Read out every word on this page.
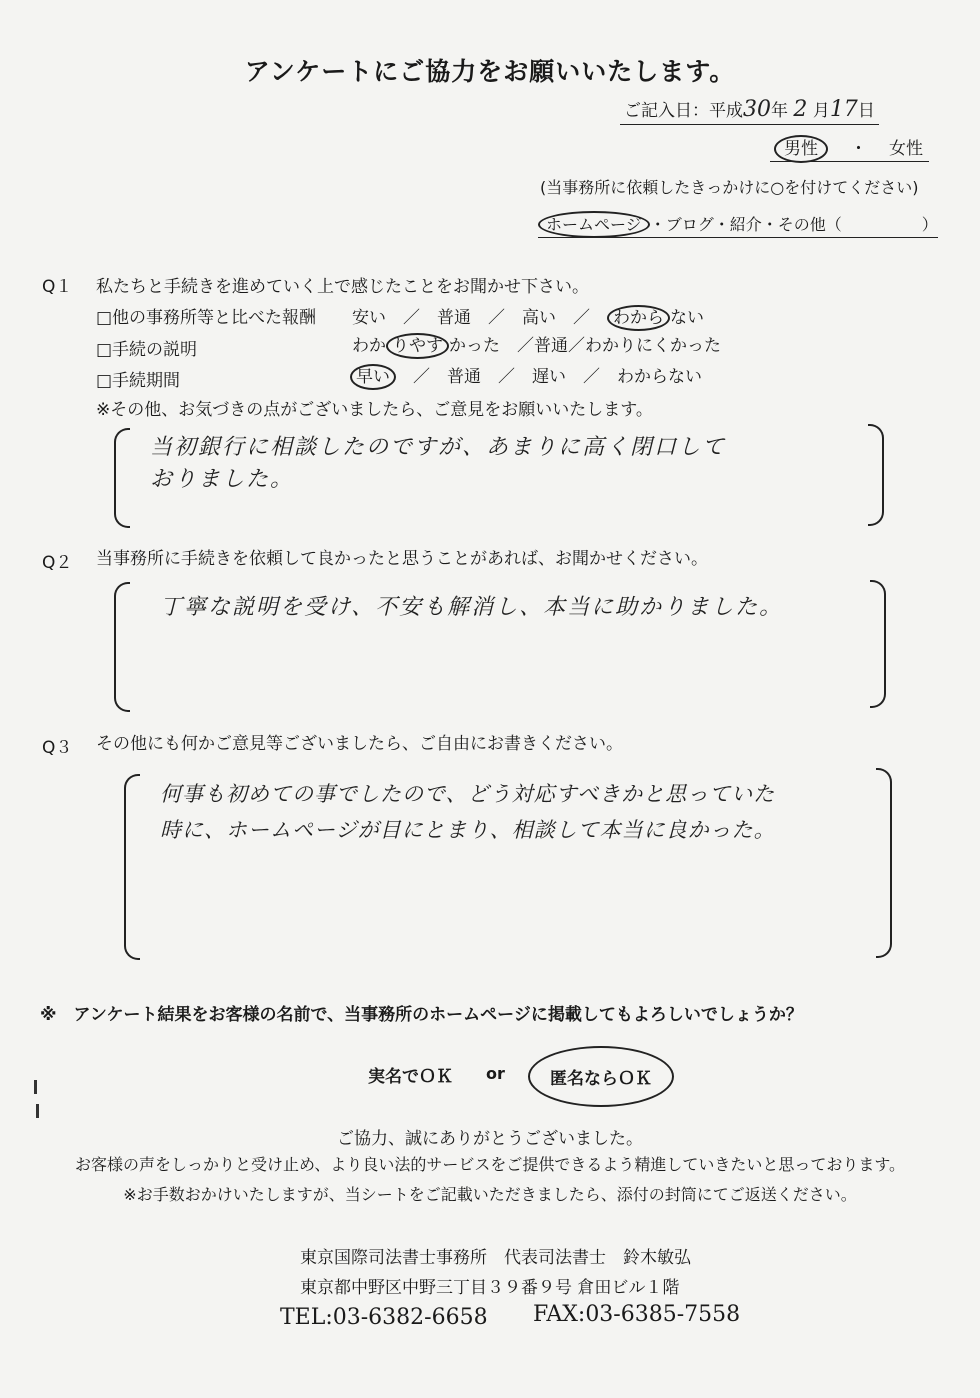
アンケートにご協力をお願いいたします。
ご記入日：平成30年 2 月17日
男性 ・ 女性
(当事務所に依頼したきっかけに○を付けてください)
ホームページ ・ブログ・紹介・その他（　　　　　）
Q１ 私たちと手続きを進めていく上で感じたことをお聞かせ下さい。
□他の事務所等と比べた報酬 安い　／　普通　／　高い　／　わから ない
□手続の説明	わか りやす かった　／普通／わかりにくかった
□手続期間	早い　／　普通　／　遅い　／　わからない
※その他、お気づきの点がございましたら、ご意見をお願いいたします。
当初銀行に相談したのですが、あまりに高く閉口して
おりました。
Q２ 当事務所に手続きを依頼して良かったと思うことがあれば、お聞かせください。
丁寧な説明を受け、不安も解消し、本当に助かりました。
Q３ その他にも何かご意見等ございましたら、ご自由にお書きください。
何事も初めての事でしたので、どう対応すべきかと思っていた
時に、ホームページが目にとまり、相談して本当に良かった。
※　アンケート結果をお客様の名前で、当事務所のホームページに掲載してもよろしいでしょうか？
実名でＯＫ or	匿名ならＯＫ
ご協力、誠にありがとうございました。
お客様の声をしっかりと受け止め、より良い法的サービスをご提供できるよう精進していきたいと思っております。
※お手数おかけいたしますが、当シートをご記載いただきましたら、添付の封筒にてご返送ください。
東京国際司法書士事務所　代表司法書士　鈴木敏弘
東京都中野区中野三丁目３９番９号 倉田ビル１階
TEL:03-6382-6658 FAX:03-6385-7558
